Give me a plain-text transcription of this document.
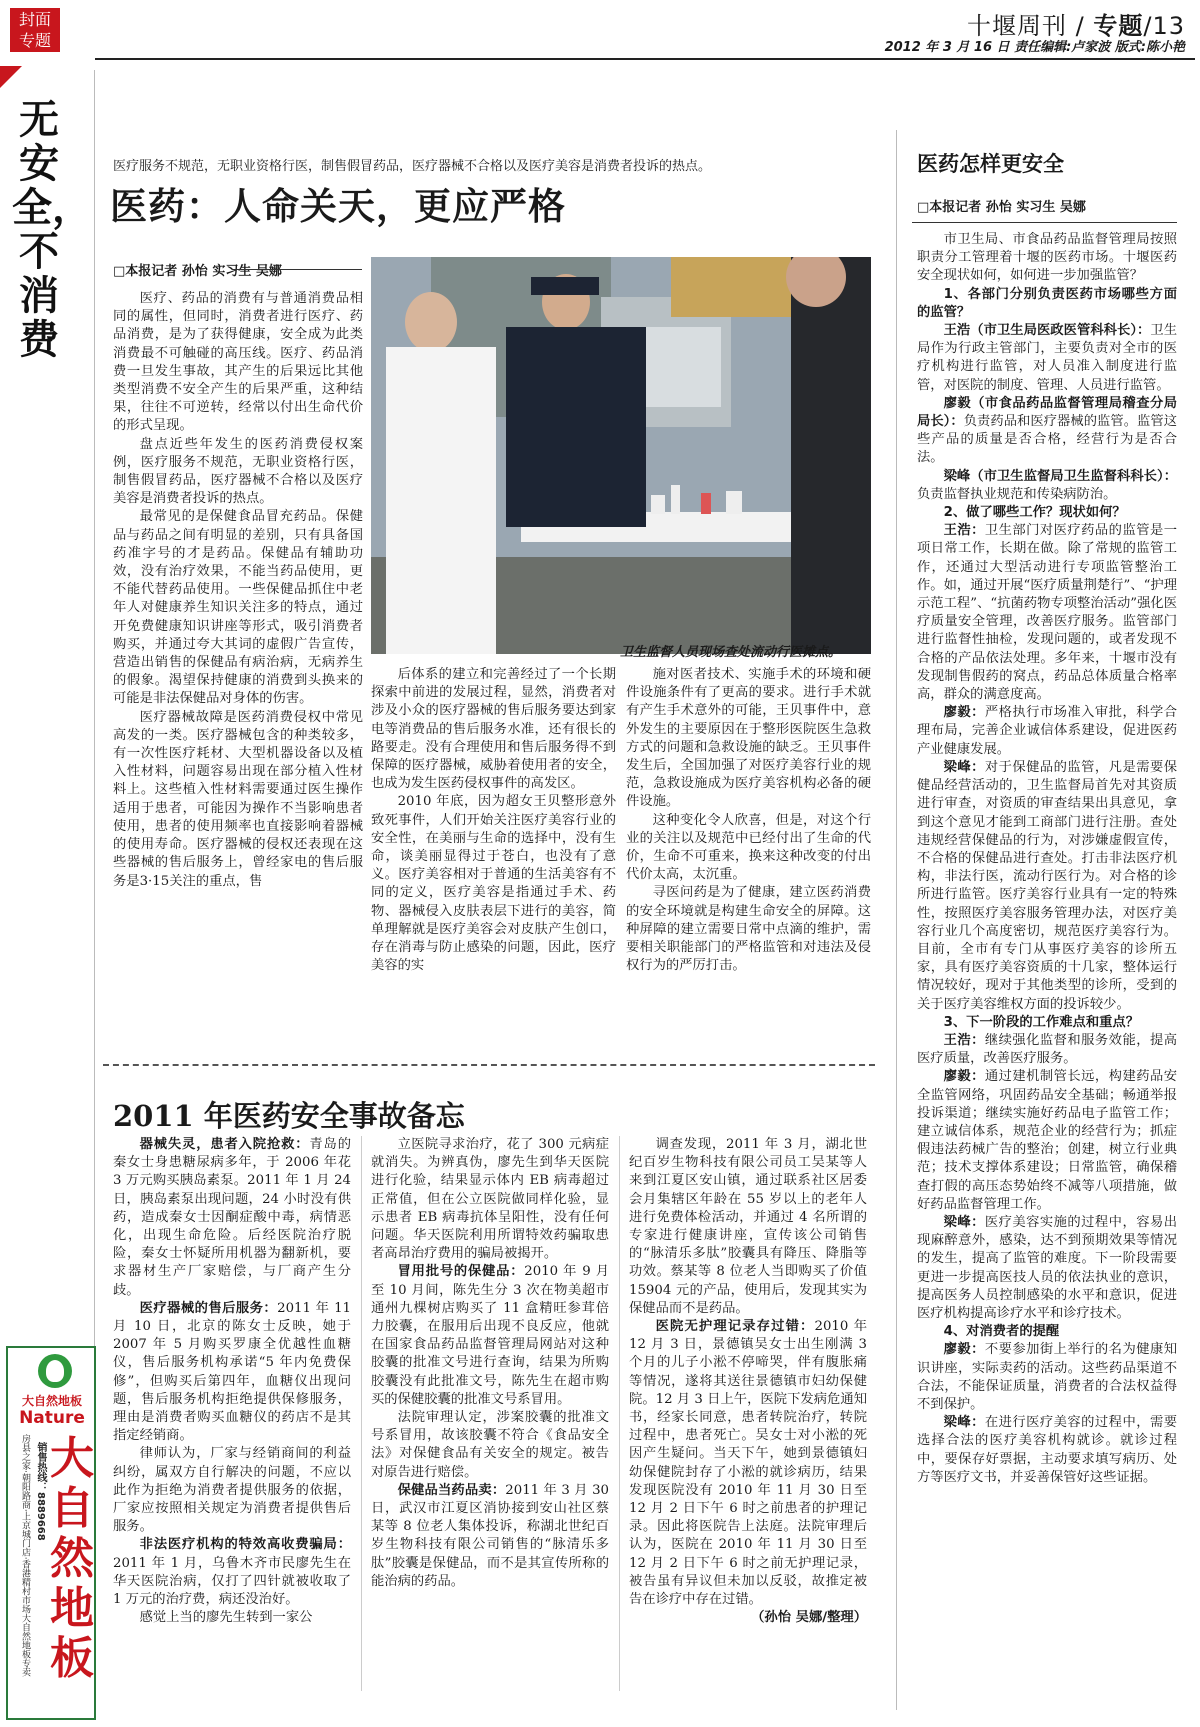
封面
专题
十堰周刊 / 专题/13
2012 年 3 月 16 日 责任编辑:卢家波 版式:陈小艳
无安全，不消费
医疗服务不规范，无职业资格行医，制售假冒药品，医疗器械不合格以及医疗美容是消费者投诉的热点。
医药：人命关天，更应严格
□本报记者 孙怡 实习生 吴娜

医疗、药品的消费有与普通消费品相同的属性，但同时，消费者进行医疗、药品消费，是为了获得健康，安全成为此类消费最不可触碰的高压线。医疗、药品消费一旦发生事故，其产生的后果远比其他类型消费不安全产生的后果严重，这种结果，往往不可逆转，经常以付出生命代价的形式呈现。

盘点近些年发生的医药消费侵权案例，医疗服务不规范，无职业资格行医，制售假冒药品，医疗器械不合格以及医疗美容是消费者投诉的热点。

最常见的是保健食品冒充药品。保健品与药品之间有明显的差别，只有具备国药准字号的才是药品。保健品有辅助功效，没有治疗效果，不能当药品使用，更不能代替药品使用。一些保健品抓住中老年人对健康养生知识关注多的特点，通过开免费健康知识讲座等形式，吸引消费者购买，并通过夸大其词的虚假广告宣传，营造出销售的保健品有病治病，无病养生的假象。渴望保持健康的消费到头换来的可能是非法保健品对身体的伤害。

医疗器械故障是医药消费侵权中常见高发的一类。医疗器械包含的种类较多，有一次性医疗耗材、大型机器设备以及植入性材料，问题容易出现在部分植入性材料上。这些植入性材料需要通过医生操作适用于患者，可能因为操作不当影响患者使用，患者的使用频率也直接影响着器械的使用寿命。医疗器械的侵权还表现在这些器械的售后服务上，曾经家电的售后服务是3·15关注的重点，售

后体系的建立和完善经过了一个长期探索中前进的发展过程，显然，消费者对涉及小众的医疗器械的售后服务要达到家电等消费品的售后服务水准，还有很长的路要走。没有合理使用和售后服务得不到保障的医疗器械，威胁着使用者的安全，也成为发生医药侵权事件的高发区。

2010 年底，因为超女王贝整形意外致死事件，人们开始关注医疗美容行业的安全性，在美丽与生命的选择中，没有生命，谈美丽显得过于苍白，也没有了意义。医疗美容相对于普通的生活美容有不同的定义，医疗美容是指通过手术、药物、器械侵入皮肤表层下进行的美容，简单理解就是医疗美容会对皮肤产生创口，存在消毒与防止感染的问题，因此，医疗美容的实

施对医者技术、实施手术的环境和硬件设施条件有了更高的要求。进行手术就有产生手术意外的可能，王贝事件中，意外发生的主要原因在于整形医院医生急救方式的问题和急救设施的缺乏。王贝事件发生后，全国加强了对医疗美容行业的规范，急救设施成为医疗美容机构必备的硬件设施。

这种变化令人欣喜，但是，对这个行业的关注以及规范中已经付出了生命的代价，生命不可重来，换来这种改变的付出代价太高，太沉重。

寻医问药是为了健康，建立医药消费的安全环境就是构建生命安全的屏障。这种屏障的建立需要日常中点滴的维护，需要相关职能部门的严格监管和对违法及侵权行为的严厉打击。

卫生监督人员现场查处流动行医摊点。
2011 年医药安全事故备忘

器械失灵，患者入院抢救：青岛的秦女士身患糖尿病多年，于 2006 年花 3 万元购买胰岛素泵。2011 年 1 月 24 日，胰岛素泵出现问题，24 小时没有供药，造成秦女士因酮症酸中毒，病情恶化，出现生命危险。后经医院治疗脱险，秦女士怀疑所用机器为翻新机，要求器材生产厂家赔偿，与厂商产生分歧。

医疗器械的售后服务：2011 年 11 月 10 日，北京的陈女士反映，她于 2007 年 5 月购买罗康全优越性血糖仪，售后服务机构承诺“5 年内免费保修”，但购买后第四年，血糖仪出现问题，售后服务机构拒绝提供保修服务，理由是消费者购买血糖仪的药店不是其指定经销商。

律师认为，厂家与经销商间的利益纠纷，属双方自行解决的问题，不应以此作为拒绝为消费者提供服务的依据，厂家应按照相关规定为消费者提供售后服务。

非法医疗机构的特效高收费骗局：2011 年 1 月，乌鲁木齐市民廖先生在华天医院治病，仅打了四针就被收取了 1 万元的治疗费，病还没治好。

感觉上当的廖先生转到一家公

立医院寻求治疗，花了 300 元病症就消失。为辨真伪，廖先生到华天医院进行化验，结果显示体内 EB 病毒超过正常值，但在公立医院做同样化验，显示患者 EB 病毒抗体呈阳性，没有任何问题。华天医院利用所谓特效药骗取患者高昂治疗费用的骗局被揭开。

冒用批号的保健品：2010 年 9 月至 10 月间，陈先生分 3 次在物美超市通州九棵树店购买了 11 盒精旺参茸倍力胶囊，在服用后出现不良反应，他就在国家食品药品监督管理局网站对这种胶囊的批准文号进行查询，结果为所购胶囊没有此批准文号，陈先生在超市购买的保健胶囊的批准文号系冒用。

法院审理认定，涉案胶囊的批准文号系冒用，故该胶囊不符合《食品安全法》对保健食品有关安全的规定。被告对原告进行赔偿。

保健品当药品卖：2011 年 3 月 30 日，武汉市江夏区消协接到安山社区蔡某等 8 位老人集体投诉，称湖北世纪百岁生物科技有限公司销售的“脉清乐多肽”胶囊是保健品，而不是其宣传所称的能治病的药品。

调查发现，2011 年 3 月，湖北世纪百岁生物科技有限公司员工吴某等人来到江夏区安山镇，通过联系社区居委会月集辖区年龄在 55 岁以上的老年人进行免费体检活动，并通过 4 名所谓的专家进行健康讲座，宣传该公司销售的“脉清乐多肽”胶囊具有降压、降脂等功效。蔡某等 8 位老人当即购买了价值 15904 元的产品，使用后，发现其实为保健品而不是药品。

医院无护理记录存过错：2010 年 12 月 3 日，景德镇吴女士出生刚满 3 个月的儿子小淞不停啼哭，伴有腹胀痛等情况，遂将其送往景德镇市妇幼保健院。12 月 3 日上午，医院下发病危通知书，经家长同意，患者转院治疗，转院过程中，患者死亡。吴女士对小淞的死因产生疑问。当天下午，她到景德镇妇幼保健院封存了小淞的就诊病历，结果发现医院没有 2010 年 11 月 30 日至 12 月 2 日下午 6 时之前患者的护理记录。因此将医院告上法庭。法院审理后认为，医院在 2010 年 11 月 30 日至 12 月 2 日下午 6 时之前无护理记录，被告虽有异议但未加以反驳，故推定被告在诊疗中存在过错。

（孙怡 吴娜/整理）

医药怎样更安全
□本报记者 孙怡 实习生 吴娜

市卫生局、市食品药品监督管理局按照职责分工管理着十堰的医药市场。十堰医药安全现状如何，如何进一步加强监管？

1、各部门分别负责医药市场哪些方面的监管？

王浩（市卫生局医政医管科科长）：卫生局作为行政主管部门，主要负责对全市的医疗机构进行监管，对人员准入制度进行监管，对医院的制度、管理、人员进行监管。

廖毅（市食品药品监督管理局稽查分局局长）：负责药品和医疗器械的监管。监管这些产品的质量是否合格，经营行为是否合法。

梁峰（市卫生监督局卫生监督科科长）：负责监督执业规范和传染病防治。

2、做了哪些工作？现状如何？

王浩：卫生部门对医疗药品的监管是一项日常工作，长期在做。除了常规的监管工作，还通过大型活动进行专项监管整治工作。如，通过开展“医疗质量荆楚行”、“护理示范工程”、“抗菌药物专项整治活动”强化医疗质量安全管理，改善医疗服务。监管部门进行监督性抽检，发现问题的，或者发现不合格的产品依法处理。多年来，十堰市没有发现制售假药的窝点，药品总体质量合格率高，群众的满意度高。

廖毅：严格执行市场准入审批，科学合理布局，完善企业诚信体系建设，促进医药产业健康发展。

梁峰：对于保健品的监管，凡是需要保健品经营活动的，卫生监督局首先对其资质进行审查，对资质的审查结果出具意见，拿到这个意见才能到工商部门进行注册。查处违规经营保健品的行为，对涉嫌虚假宣传，不合格的保健品进行查处。打击非法医疗机构，非法行医，流动行医行为。对合格的诊所进行监管。医疗美容行业具有一定的特殊性，按照医疗美容服务管理办法，对医疗美容行业几个高度密切，规范医疗美容行为。目前，全市有专门从事医疗美容的诊所五家，具有医疗美容资质的十几家，整体运行情况较好，现对于其他类型的诊所，受到的关于医疗美容维权方面的投诉较少。

3、下一阶段的工作难点和重点？

王浩：继续强化监督和服务效能，提高医疗质量，改善医疗服务。

廖毅：通过建机制管长远，构建药品安全监管网络，巩固药品安全基础；畅通举报投诉渠道；继续实施好药品电子监管工作；建立诚信体系，规范企业的经营行为；抓症假违法药械广告的整治；创建，树立行业典范；技术支撑体系建设；日常监管，确保稽查打假的高压态势始终不减等八项措施，做好药品监督管理工作。

梁峰：医疗美容实施的过程中，容易出现麻醉意外，感染，达不到预期效果等情况的发生，提高了监管的难度。下一阶段需要更进一步提高医技人员的依法执业的意识，提高医务人员控制感染的水平和意识，促进医疗机构提高诊疗水平和诊疗技术。

4、对消费者的提醒

廖毅：不要参加街上举行的名为健康知识讲座，实际卖药的活动。这些药品渠道不合法，不能保证质量，消费者的合法权益得不到保护。

梁峰：在进行医疗美容的过程中，需要选择合法的医疗美容机构就诊。就诊过程中，要保存好票据，主动要求填写病历、处方等医疗文书，并妥善保管好这些证据。

大自然地板
Nature
房县之家·朝阳路商·上京城门店·香港精村市场大自然地板专卖 销售热线：8889668 大自然地板
